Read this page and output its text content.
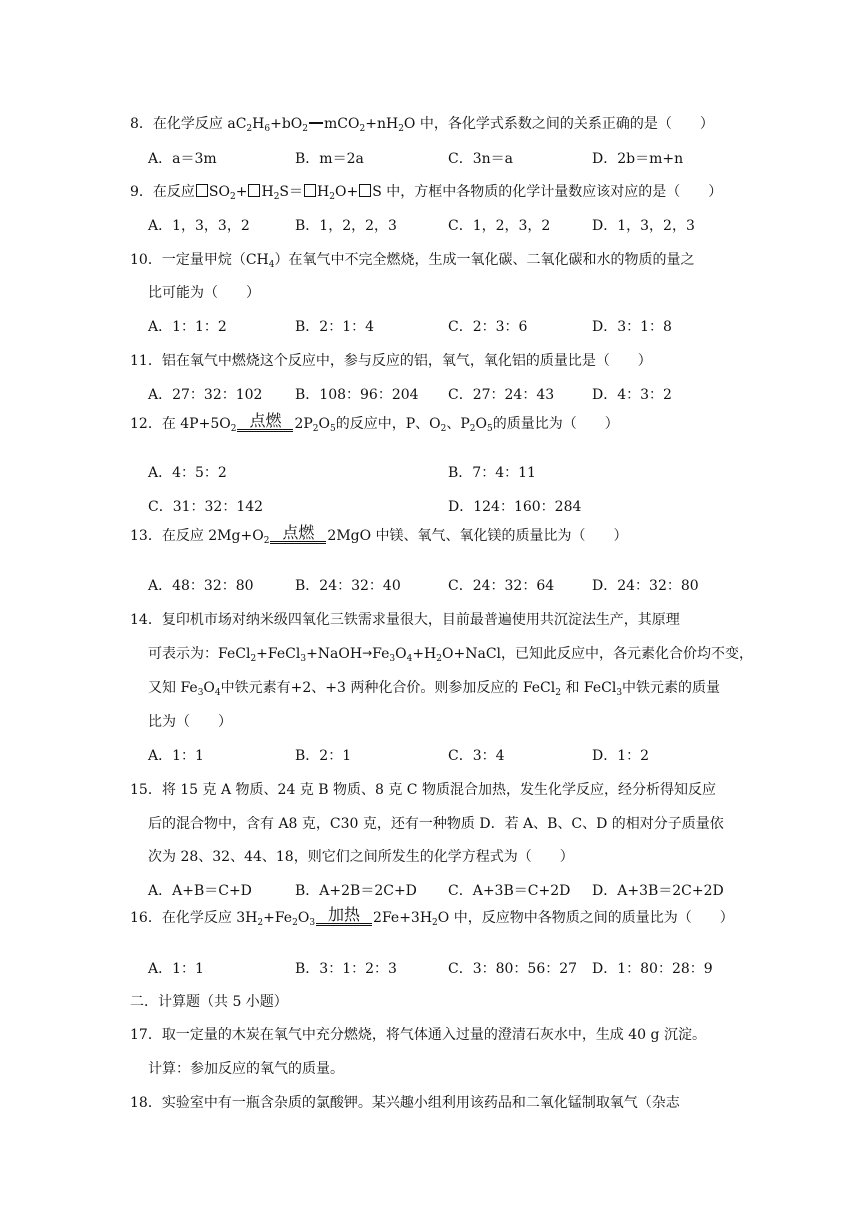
8．在化学反应 $aC_2H_6+bO_2$ $mCO_2+nH_2O$ 中，各化学式系数之间的关系正确的是（　　）
A．a＝3m	B．m＝2a	C．3n＝a	D．2b＝m+n
9．在反应 $SO_2+ H_2S= H_2O+ S$ 中，方框中各物质的化学计量数应该对应的是（　　）
A．1，3，3，2	B．1，2，2，3	C．1，2，3，2	D．1，3，2，3
10．一定量甲烷$(CH_4)$在氧气中不完全燃烧，生成一氧化碳、二氧化碳和水的物质的量之
比可能为（　　）
A．1：1：2	B．2：1：4	C．2：3：6	D．3：1：8
11．铝在氧气中燃烧这个反应中，参与反应的铝，氧气，氧化铝的质量比是（　　）
A．27：32：102 B．108：96：204 C．27：24：43	D．4：3：2
12．在 $4P+5O_2$ 点燃 $2P_2O_5$的反应中，P、$O_2$、$P_2O_5$的质量比为（　　）
A．4：5：2	B．7：4：11
C．31：32：142	D．124：160：284
13．在反应 $2Mg+O_2$ 点燃 2MgO 中镁、氧气、氧化镁的质量比为（　　）
A．48：32：80	B．24：32：40	C．24：32：64	D．24：32：80
14．复印机市场对纳米级四氧化三铁需求量很大，目前最普遍使用共沉淀法生产，其原理
可表示为：$FeCl_2+FeCl_3+NaOH\to Fe_3O_4+H_2O+NaCl$，已知此反应中，各元素化合价均不变，
又知 $Fe_3O_4$中铁元素有+2、+3 两种化合价。则参加反应的 FeCl$_2$ 和 FeCl$_3$中铁元素的质量
比为（　　）
A．1：1	B．2：1	C．3：4	D．1：2
15．将 15 克 A 物质、24 克 B 物质、8 克 C 物质混合加热，发生化学反应，经分析得知反应
后的混合物中，含有 A8 克，C30 克，还有一种物质 D．若 A、B、C、D 的相对分子质量依
次为 28、32、44、18，则它们之间所发生的化学方程式为（　　）
A．A+B＝C+D	B．A+2B＝2C+D C．A+3B＝C+2D D．A+3B＝2C+2D
16．在化学反应 $3H_2+Fe_2O_3$ 加热 $2Fe+3H_2O$ 中，反应物中各物质之间的质量比为（　　）
A．1：1	B．3：1：2：3	C．3：80：56：27 D．1：80：28：9
二．计算题（共 5 小题）
17．取一定量的木炭在氧气中充分燃烧，将气体通入过量的澄清石灰水中，生成 40 g 沉淀。
计算：参加反应的氧气的质量。
18．实验室中有一瓶含杂质的氯酸钾。某兴趣小组利用该药品和二氧化锰制取氧气（杂志
